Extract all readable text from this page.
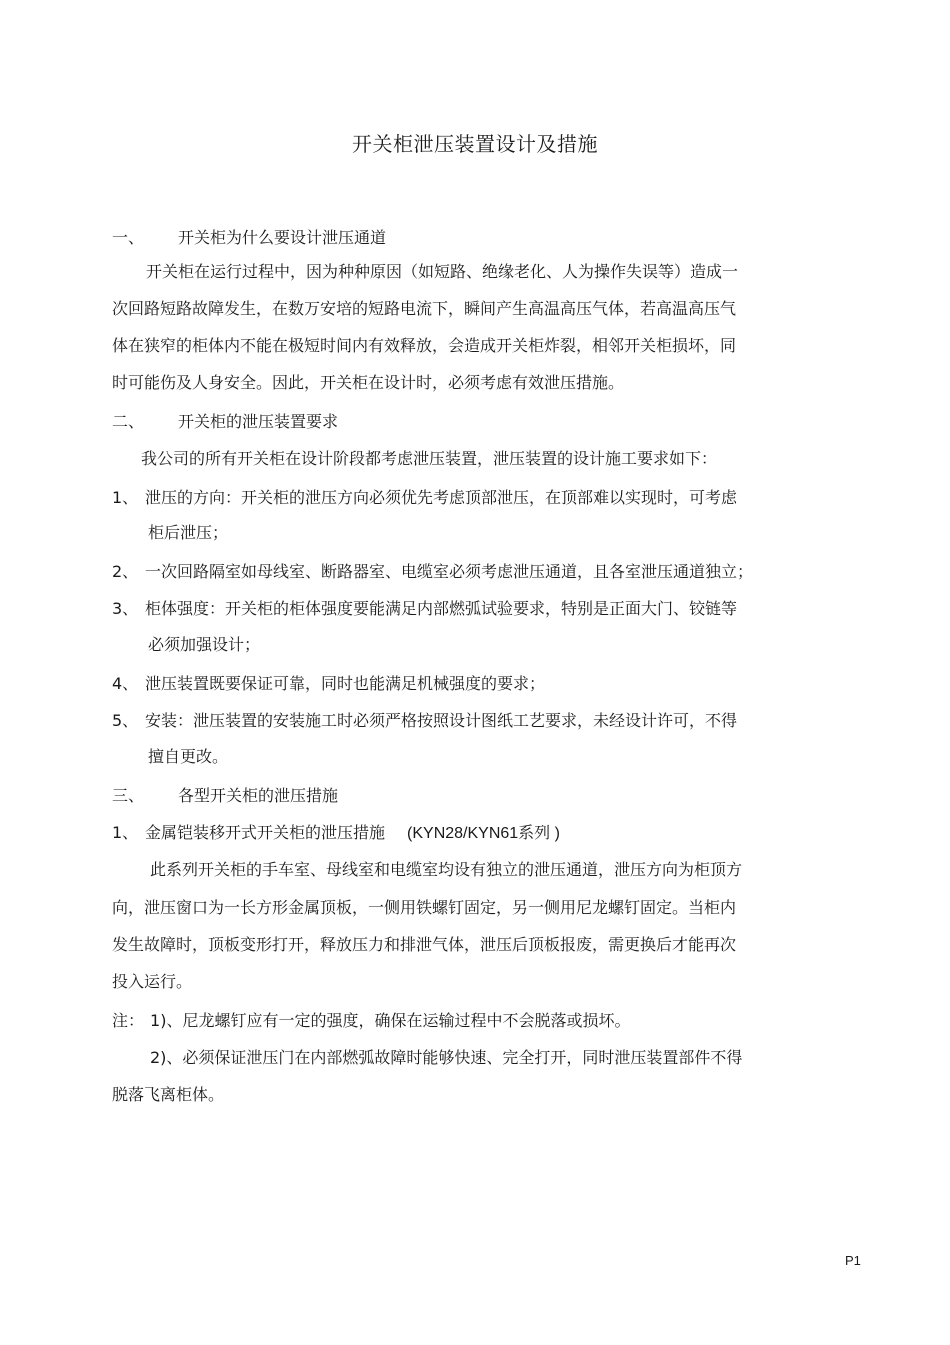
开关柜泄压装置设计及措施
一、 开关柜为什么要设计泄压通道
开关柜在运行过程中，因为种种原因（如短路、绝缘老化、人为操作失误等）造成一
次回路短路故障发生，在数万安培的短路电流下，瞬间产生高温高压气体，若高温高压气
体在狭窄的柜体内不能在极短时间内有效释放，会造成开关柜炸裂，相邻开关柜损坏，同
时可能伤及人身安全。因此，开关柜在设计时，必须考虑有效泄压措施。
二、 开关柜的泄压装置要求
我公司的所有开关柜在设计阶段都考虑泄压装置，泄压装置的设计施工要求如下：
1、 泄压的方向：开关柜的泄压方向必须优先考虑顶部泄压，在顶部难以实现时，可考虑
柜后泄压；
2、 一次回路隔室如母线室、断路器室、电缆室必须考虑泄压通道，且各室泄压通道独立；
3、 柜体强度：开关柜的柜体强度要能满足内部燃弧试验要求，特别是正面大门、铰链等
必须加强设计；
4、 泄压装置既要保证可靠，同时也能满足机械强度的要求；
5、 安装：泄压装置的安装施工时必须严格按照设计图纸工艺要求，未经设计许可，不得
擅自更改。
三、 各型开关柜的泄压措施
1、 金属铠装移开式开关柜的泄压措施 (KYN28/KYN61系列 )
此系列开关柜的手车室、母线室和电缆室均设有独立的泄压通道，泄压方向为柜顶方
向，泄压窗口为一长方形金属顶板，一侧用铁螺钉固定，另一侧用尼龙螺钉固定。当柜内
发生故障时，顶板变形打开，释放压力和排泄气体，泄压后顶板报废，需更换后才能再次
投入运行。
注： 1)、尼龙螺钉应有一定的强度，确保在运输过程中不会脱落或损坏。
2)、必须保证泄压门在内部燃弧故障时能够快速、完全打开，同时泄压装置部件不得
脱落飞离柜体。
P1
